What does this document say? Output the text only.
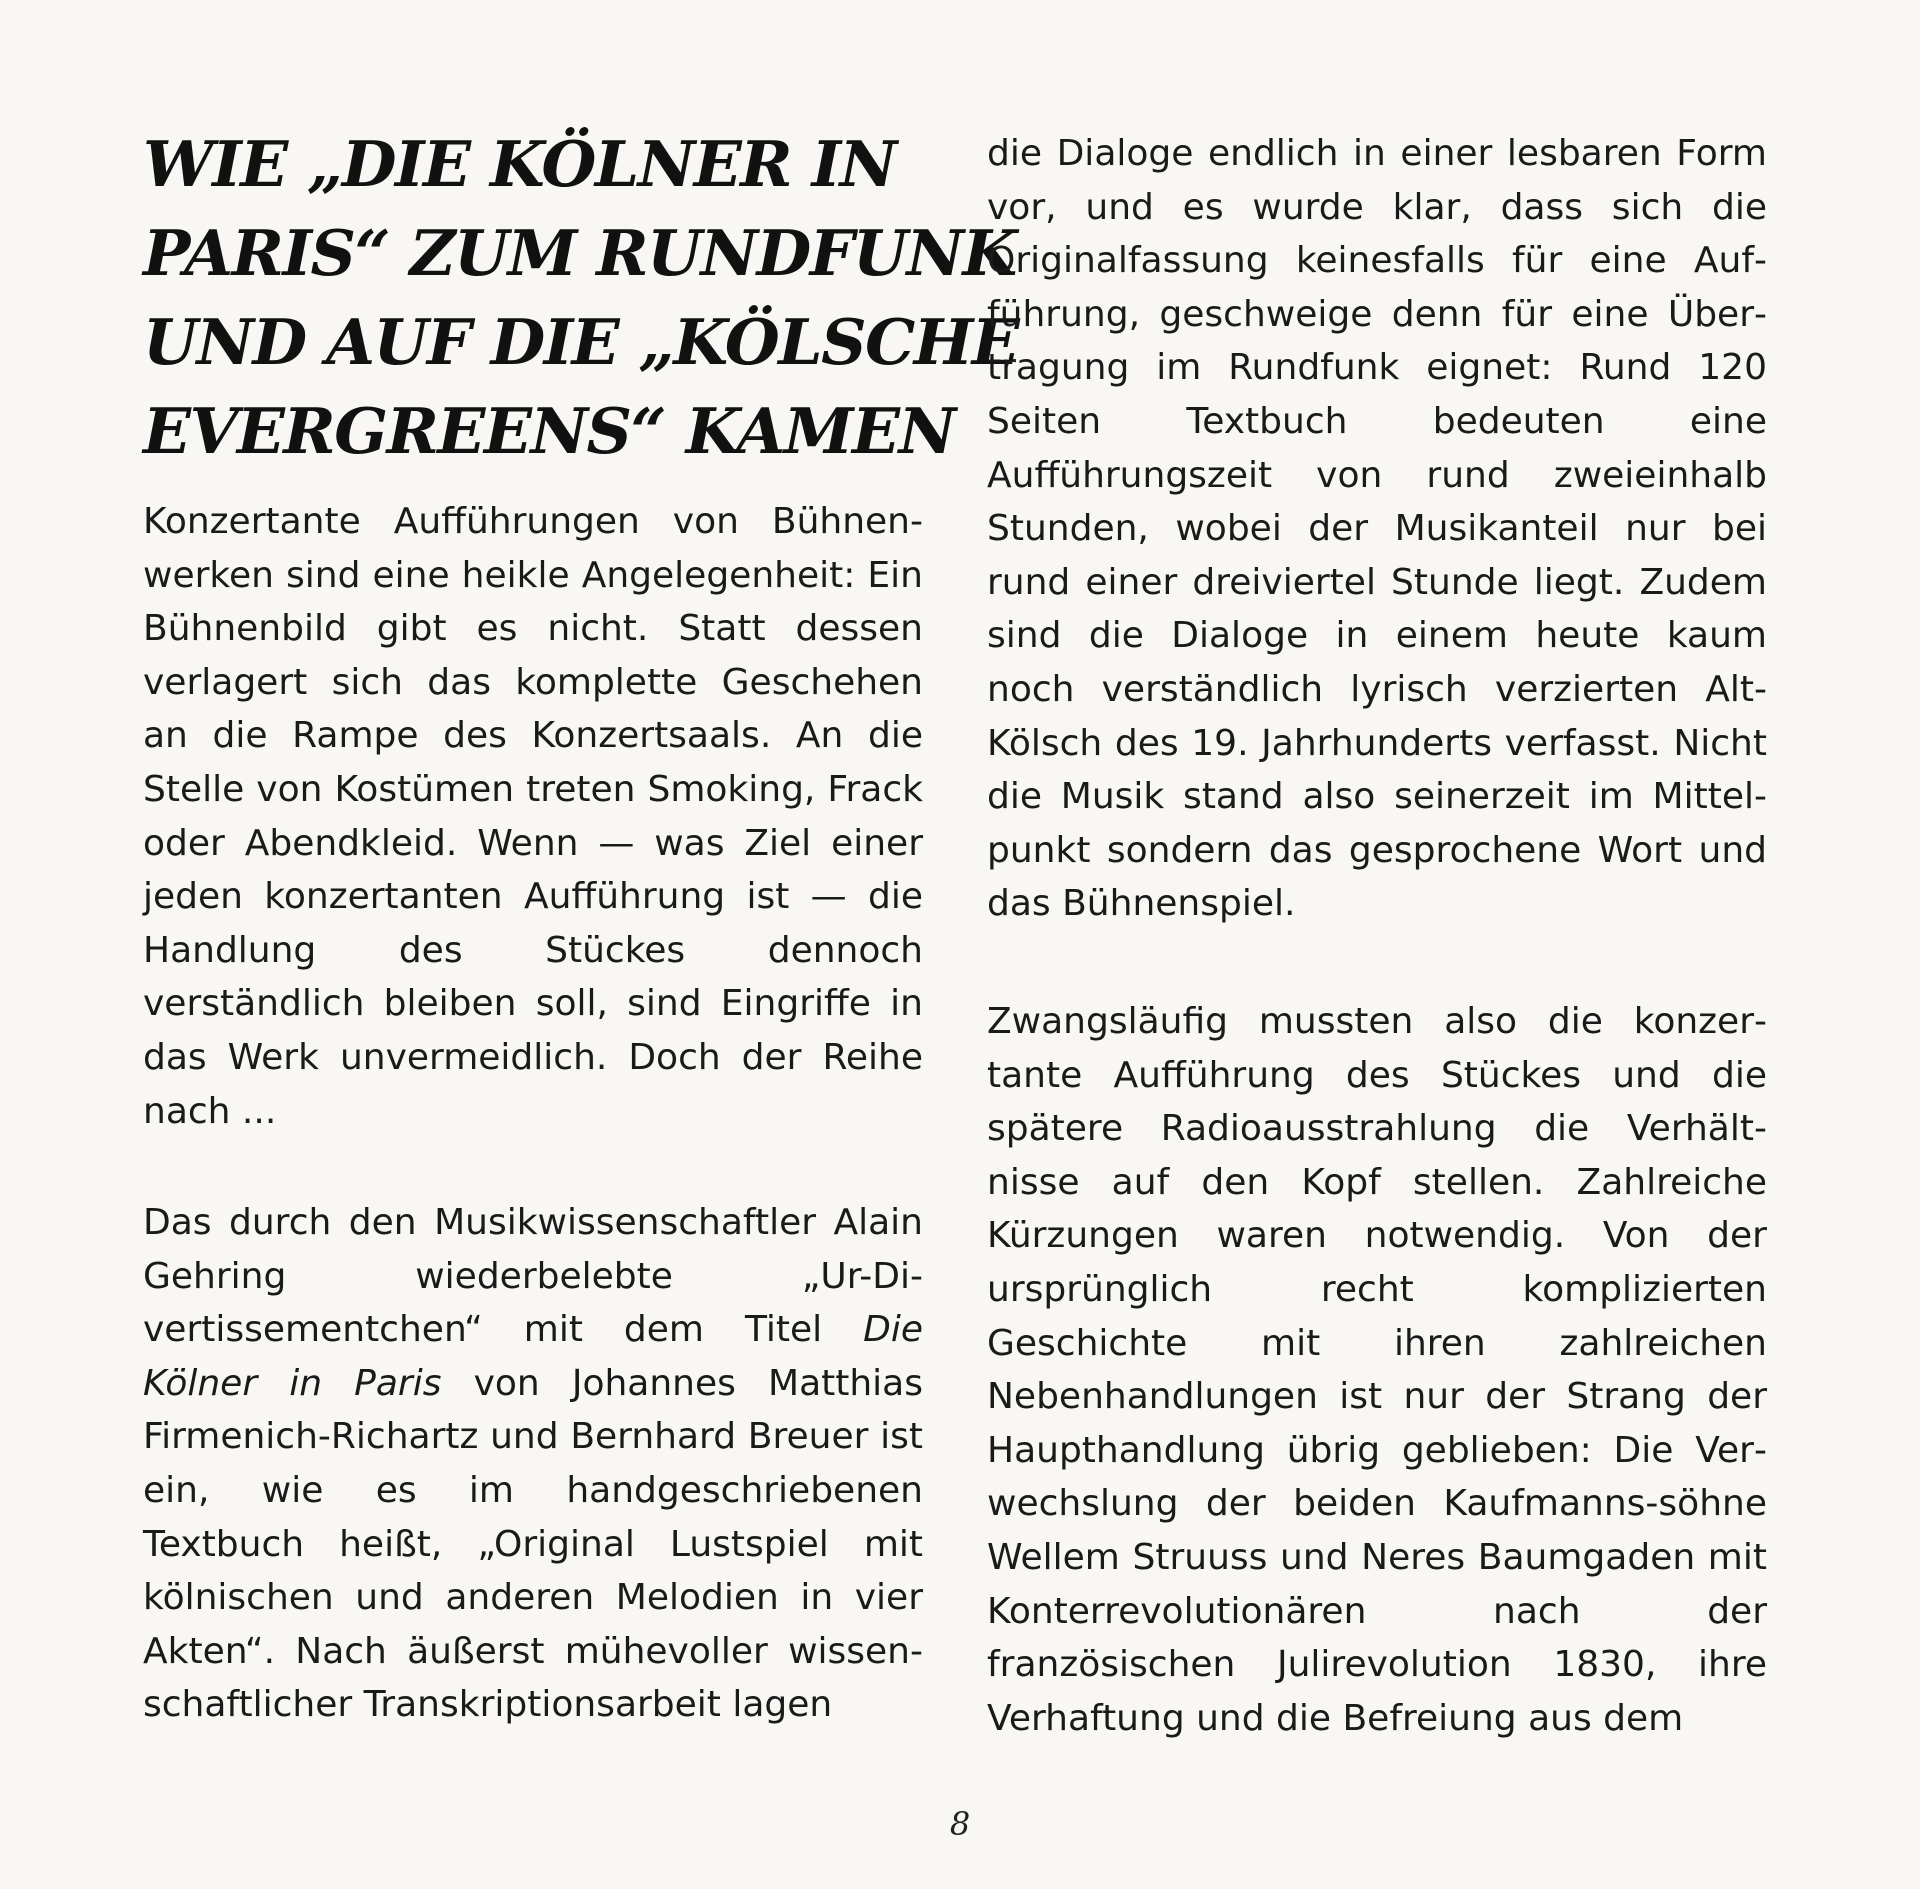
WIE „DIE KÖLNER IN
PARIS“ ZUM RUNDFUNK
UND AUF DIE „KÖLSCHE
EVERGREENS“ KAMEN

Konzertante Aufführungen von Bühnenwerken sind eine heikle Angelegenheit: Ein Bühnenbild gibt es nicht. Statt dessen verlagert sich das komplette Geschehen an die Rampe des Konzertsaals. An die Stelle von Kostümen treten Smoking, Frack oder Abendkleid. Wenn — was Ziel einer jeden konzertanten Aufführung ist — die Handlung des Stückes dennoch verständlich bleiben soll, sind Eingriffe in das Werk unvermeidlich. Doch der Reihe nach ...

Das durch den Musikwissenschaftler Alain Gehring wiederbelebte „Ur-Divertissementchen“ mit dem Titel Die Kölner in Paris von Johannes Matthias Firmenich-Richartz und Bernhard Breuer ist ein, wie es im handgeschriebenen Textbuch heißt, „Original Lustspiel mit kölnischen und anderen Melodien in vier Akten“. Nach äußerst mühevoller wissenschaftlicher Transkriptionsarbeit lagen

die Dialoge endlich in einer lesbaren Form vor, und es wurde klar, dass sich die Originalfassung keinesfalls für eine Aufführung, geschweige denn für eine Übertragung im Rundfunk eignet: Rund 120 Seiten Textbuch bedeuten eine Aufführungszeit von rund zweieinhalb Stunden, wobei der Musikanteil nur bei rund einer dreiviertel Stunde liegt. Zudem sind die Dialoge in einem heute kaum noch verständlich lyrisch verzierten Alt-Kölsch des 19. Jahrhunderts verfasst. Nicht die Musik stand also seinerzeit im Mittelpunkt sondern das gesprochene Wort und das Bühnenspiel.

Zwangsläufig mussten also die konzertante Aufführung des Stückes und die spätere Radioausstrahlung die Verhältnisse auf den Kopf stellen. Zahlreiche Kürzungen waren notwendig. Von der ursprünglich recht komplizierten Geschichte mit ihren zahlreichen Nebenhandlungen ist nur der Strang der Haupthandlung übrig geblieben: Die Verwechslung der beiden Kaufmanns-söhne Wellem Struuss und Neres Baumgaden mit Konterrevolutionären nach der französischen Julirevolution 1830, ihre Verhaftung und die Befreiung aus dem

8
